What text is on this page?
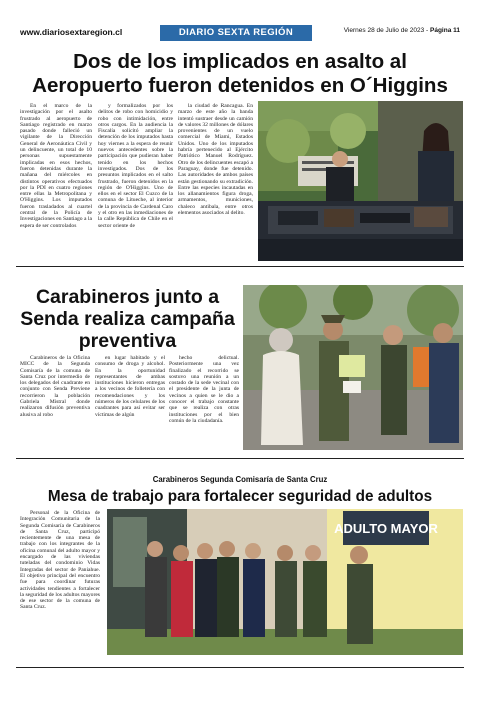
www.diariosextaregion.cl	DIARIO SEXTA REGIÓN	Viernes 28 de Julio de 2023 - Página 11
Dos de los implicados en asalto al Aeropuerto fueron detenidos en O´Higgins

En el marco de la investigación por el asalto frustrado al aeropuerto de Santiago registrado en marzo pasado donde falleció un vigilante de la Dirección General de Aeronáutica Civil y un delincuente, un total de 10 personas supuestamente implicadas en esos hechos, fueron detenidas durante la mañana del miércoles en distintos operativos efectuados por la PDI en cuatro regiones entre ellas la Metropolitana y O'Higgins. Los imputados fueron trasladados al cuartel central de la Policía de Investigaciones en Santiago a la espera de ser controlados

y formalizados por los delitos de robo con homicidio y robo con intimidación, entre otros cargos. En la audiencia la Fiscalía solicitó ampliar la detención de los imputados hasta hoy viernes a la espera de reunir nuevos antecedentes sobre la participación que pudieran haber tenido en los hechos investigados. Dos de los presuntos implicados en el salto frustrado, fueron detenidos en la región de O'Higgins. Uno de ellos en el sector El Cuzco de la comuna de Litueche, al interior de la provincia de Cardenal Caro y el otro en las inmediaciones de la calle República de Chile en el sector oriente de

la ciudad de Rancagua. En marzo de este año la banda intentó sustraer desde un camión de valores 32 millones de dólares provenientes de un vuelo comercial de Miami, Estados Unidos. Uno de los imputados habría pertenecido al Ejército Patriótico Manuel Rodríguez. Otro de los delincuentes escapó a Paraguay, donde fue detenido. Las autoridades de ambos países están gestionando su extradición. Entre las especies incautadas en los allanamientos figura droga, armamentos, municiones, chaleco antibala, entre otros elementos asociados al delito.

Carabineros junto a Senda realiza campaña preventiva

Carabineros de la Oficina MICC de la Segunda Comisaría de la comuna de Santa Cruz por intermedio de los delegados del cuadrante en conjunto con Senda Previene recorrieron la población Gabriela Mistral donde realizaron difusión preventiva alusiva al robo

en lugar habitado y el consumo de droga y alcohol. En la oportunidad representantes de ambas instituciones hicieron entregas a los vecinos de folletería con recomendaciones y los números de los celulares de los cuadrantes para así evitar ser víctimas de algún

hecho delictual. Posteriormente una vez finalizado el recorrido se sostuvo una reunión a un costado de la sede vecinal con el presidente de la junta de vecinos a quien se le dio a conocer el trabajo constante que se realiza con otras instituciones por el bien común de la ciudadanía.

Carabineros Segunda Comisaría de Santa Cruz
Mesa de trabajo para fortalecer seguridad de adultos

Personal de la Oficina de Integración Comunitaria de la Segunda Comisaría de Carabineros de Santa Cruz, participó recientemente de una mesa de trabajo con los integrantes de la oficina comunal del adulto mayor y encargado de las viviendas tuteladas del condominio Vidas Integradas del sector de Paniahue. El objetivo principal del encuentro fue para coordinar futuras actividades tendientes a fortalecer la seguridad de los adultos mayores de ese sector de la comuna de Santa Cruz.

ADULTO MAYOR
